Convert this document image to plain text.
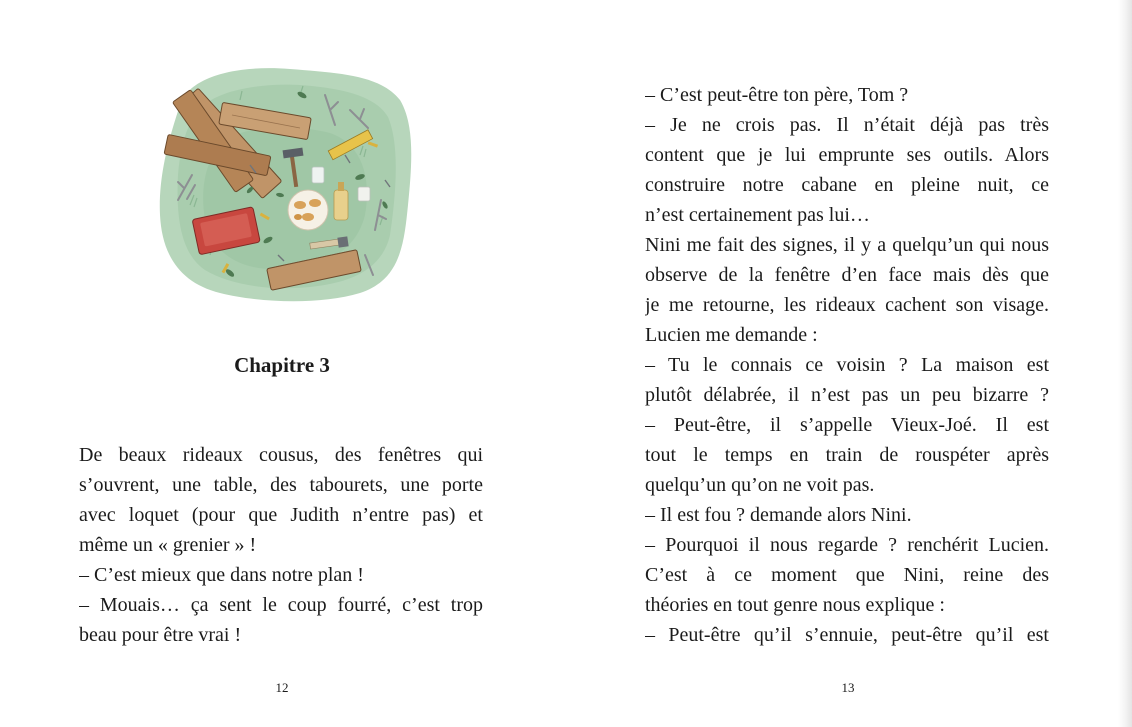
Chapitre 3
De beaux rideaux cousus, des fenêtres qui
s’ouvrent, une table, des tabourets, une porte
avec loquet (pour que Judith n’entre pas) et
même un « grenier » !
– C’est mieux que dans notre plan !
– Mouais… ça sent le coup fourré, c’est trop
beau pour être vrai !
12
– C’est peut-être ton père, Tom ?
– Je ne crois pas. Il n’était déjà pas très
content que je lui emprunte ses outils. Alors
construire notre cabane en pleine nuit, ce
n’est certainement pas lui…
Nini me fait des signes, il y a quelqu’un qui nous
observe de la fenêtre d’en face mais dès que
je me retourne, les rideaux cachent son visage.
Lucien me demande :
– Tu le connais ce voisin ? La maison est
plutôt délabrée, il n’est pas un peu bizarre ?
– Peut-être, il s’appelle Vieux-Joé. Il est
tout le temps en train de rouspéter après
quelqu’un qu’on ne voit pas.
– Il est fou ? demande alors Nini.
– Pourquoi il nous regarde ? renchérit Lucien.
C’est à ce moment que Nini, reine des
théories en tout genre nous explique :
– Peut-être qu’il s’ennuie, peut-être qu’il est
13
